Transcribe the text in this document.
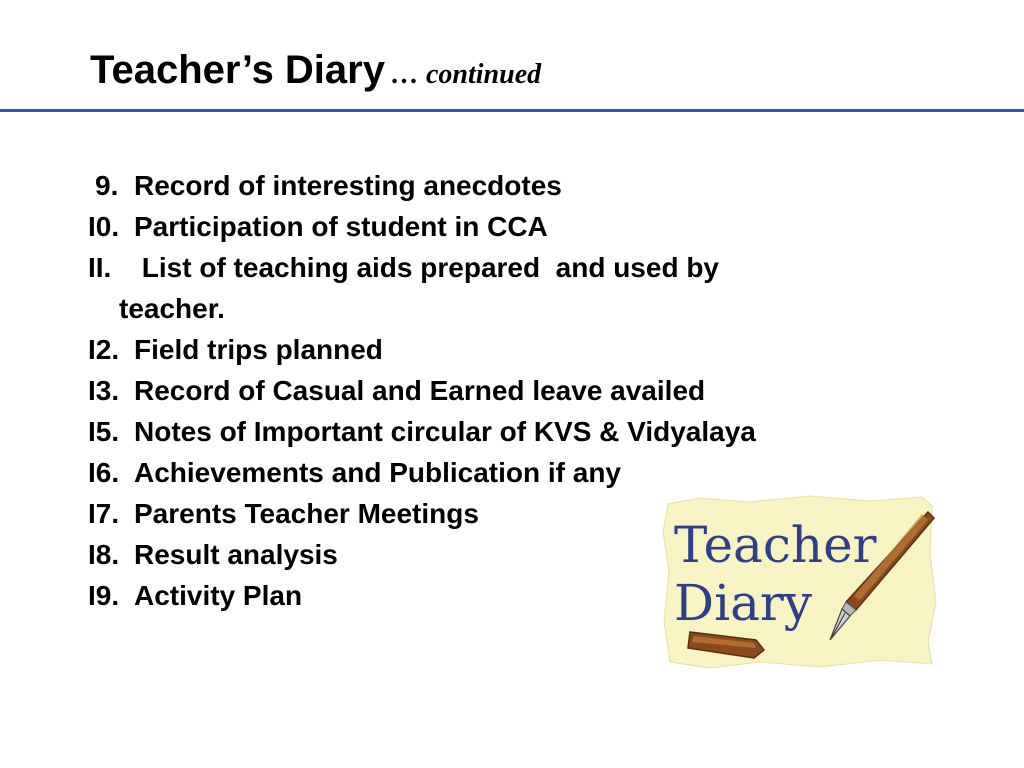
Teacher’s Diary … continued
9. Record of interesting anecdotes
I0. Participation of student in CCA
II. List of teaching aids prepared  and used by
teacher.
I2. Field trips planned
I3. Record of Casual and Earned leave availed
I5. Notes of Important circular of KVS & Vidyalaya
I6. Achievements and Publication if any
I7. Parents Teacher Meetings
I8. Result analysis
I9. Activity Plan
Teacher
Diary
